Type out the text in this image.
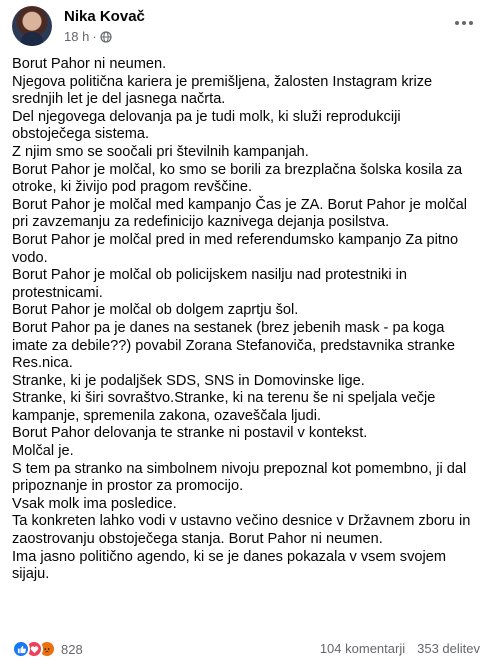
Nika Kovač
18 h ·

Borut Pahor ni neumen.

Njegova politična kariera je premišljena, žalosten Instagram krize srednjih let je del jasnega načrta.

Del njegovega delovanja pa je tudi molk, ki služi reprodukciji obstoječega sistema.

Z njim smo se soočali pri številnih kampanjah.

Borut Pahor je molčal, ko smo se borili za brezplačna šolska kosila za otroke, ki živijo pod pragom revščine.

Borut Pahor je molčal med kampanjo Čas je ZA. Borut Pahor je molčal pri zavzemanju za redefinicijo kaznivega dejanja posilstva.

Borut Pahor je molčal pred in med referendumsko kampanjo Za pitno vodo.

Borut Pahor je molčal ob policijskem nasilju nad protestniki in protestnicami.

Borut Pahor je molčal ob dolgem zaprtju šol.

Borut Pahor pa je danes na sestanek (brez jebenih mask - pa koga imate za debile??) povabil Zorana Stefanoviča, predstavnika stranke Res.nica.

Stranke, ki je podaljšek SDS, SNS in Domovinske lige.

Stranke, ki širi sovraštvo.Stranke, ki na terenu še ni speljala večje kampanje, spremenila zakona, ozaveščala ljudi.

Borut Pahor delovanja te stranke ni postavil v kontekst.

Molčal je.

S tem pa stranko na simbolnem nivoju prepoznal kot pomembno, ji dal pripoznanje in prostor za promocijo.

Vsak molk ima posledice.

Ta konkreten lahko vodi v ustavno večino desnice v Državnem zboru in zaostrovanju obstoječega stanja. Borut Pahor ni neumen.

Ima jasno politično agendo, ki se je danes pokazala v vsem svojem sijaju.

828	104 komentarji 353 delitev
